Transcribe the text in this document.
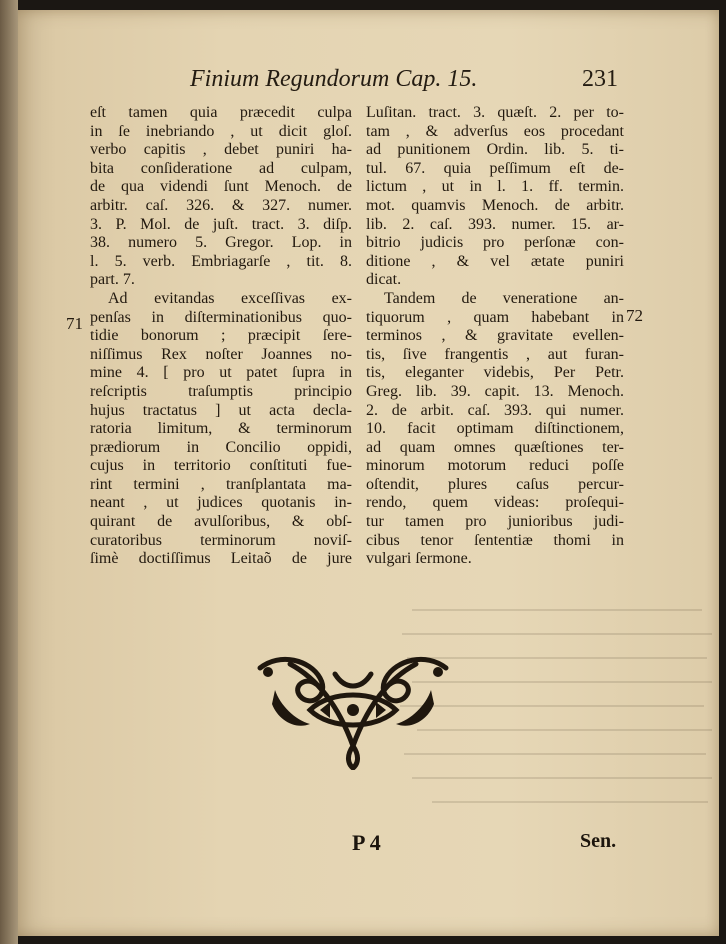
Finium Regundorum Cap. 15.	231
eſt tamen quia præcedit culpa
in ſe inebriando , ut dicit gloſ.
verbo capitis , debet puniri ha-
bita conſideratione ad culpam,
de qua videndi ſunt Menoch. de
arbitr. caſ. 326. & 327. numer.
3. P. Mol. de juſt. tract. 3. diſp.
38. numero 5. Gregor. Lop. in
l. 5. verb. Embriagarſe , tit. 8.
part. 7.
Ad evitandas exceſſivas ex-
penſas in diſterminationibus quo-
tidie bonorum ; præcipit ſere-
niſſimus Rex noſter Joannes no-
mine 4. [ pro ut patet ſupra in
reſcriptis traſumptis principio
hujus tractatus ] ut acta decla-
ratoria limitum, & terminorum
prædiorum in Concilio oppidi,
cujus in territorio conſtituti fue-
rint termini , tranſplantata ma-
neant , ut judices quotanis in-
quirant de avulſoribus, & obſ-
curatoribus terminorum noviſ-
ſimè doctiſſimus Leitaõ de jure
Luſitan. tract. 3. quæſt. 2. per to-
tam , & adverſus eos procedant
ad punitionem Ordin. lib. 5. ti-
tul. 67. quia peſſimum eſt de-
lictum , ut in l. 1. ff. termin.
mot. quamvis Menoch. de arbitr.
lib. 2. caſ. 393. numer. 15. ar-
bitrio judicis pro perſonæ con-
ditione , & vel ætate puniri
dicat.
Tandem de veneratione an-
tiquorum , quam habebant in
terminos , & gravitate evellen-
tis, ſive frangentis , aut furan-
tis, eleganter videbis, Per Petr.
Greg. lib. 39. capit. 13. Menoch.
2. de arbit. caſ. 393. qui numer.
10. facit optimam diſtinctionem,
ad quam omnes quæſtiones ter-
minorum motorum reduci poſſe
oſtendit, plures caſus percur-
rendo, quem videas: proſequi-
tur tamen pro junioribus judi-
cibus tenor ſententiæ thomi in
vulgari ſermone.
71	72
P 4	Sen.
